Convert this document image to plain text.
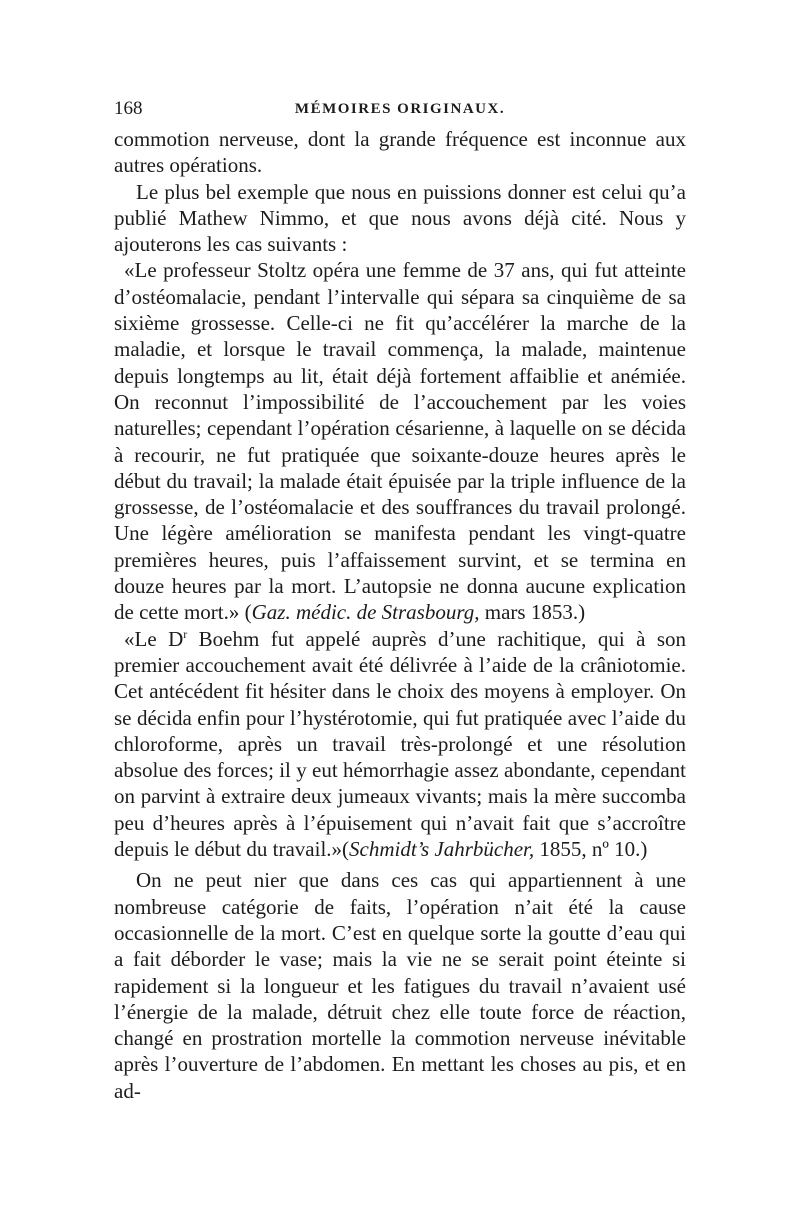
168	MÉMOIRES ORIGINAUX.

commotion nerveuse, dont la grande fréquence est inconnue aux autres opérations.

Le plus bel exemple que nous en puissions donner est celui qu’a publié Mathew Nimmo, et que nous avons déjà cité. Nous y ajouterons les cas suivants :

«Le professeur Stoltz opéra une femme de 37 ans, qui fut atteinte d’ostéomalacie, pendant l’intervalle qui sépara sa cinquième de sa sixième grossesse. Celle-ci ne fit qu’accélérer la marche de la maladie, et lorsque le travail commença, la malade, maintenue depuis longtemps au lit, était déjà fortement affaiblie et anémiée. On reconnut l’impossibilité de l’accouchement par les voies naturelles; cependant l’opération césarienne, à laquelle on se décida à recourir, ne fut pratiquée que soixante-douze heures après le début du travail; la malade était épuisée par la triple influence de la grossesse, de l’ostéomalacie et des souffrances du travail prolongé. Une légère amélioration se manifesta pendant les vingt-quatre premières heures, puis l’affaissement survint, et se termina en douze heures par la mort. L’autopsie ne donna aucune explication de cette mort.» (Gaz. médic. de Strasbourg, mars 1853.)

«Le $D^r$ Boehm fut appelé auprès d’une rachitique, qui à son premier accouchement avait été délivrée à l’aide de la crâniotomie. Cet antécédent fit hésiter dans le choix des moyens à employer. On se décida enfin pour l’hystérotomie, qui fut pratiquée avec l’aide du chloroforme, après un travail très-prolongé et une résolution absolue des forces; il y eut hémorrhagie assez abondante, cependant on parvint à extraire deux jumeaux vivants; mais la mère succomba peu d’heures après à l’épuisement qui n’avait fait que s’accroître depuis le début du travail.»(Schmidt’s Jahrbücher, 1855, nº 10.)

On ne peut nier que dans ces cas qui appartiennent à une nombreuse catégorie de faits, l’opération n’ait été la cause occasionnelle de la mort. C’est en quelque sorte la goutte d’eau qui a fait déborder le vase; mais la vie ne se serait point éteinte si rapidement si la longueur et les fatigues du travail n’avaient usé l’énergie de la malade, détruit chez elle toute force de réaction, changé en prostration mortelle la commotion nerveuse inévitable après l’ouverture de l’abdomen. En mettant les choses au pis, et en ad-
